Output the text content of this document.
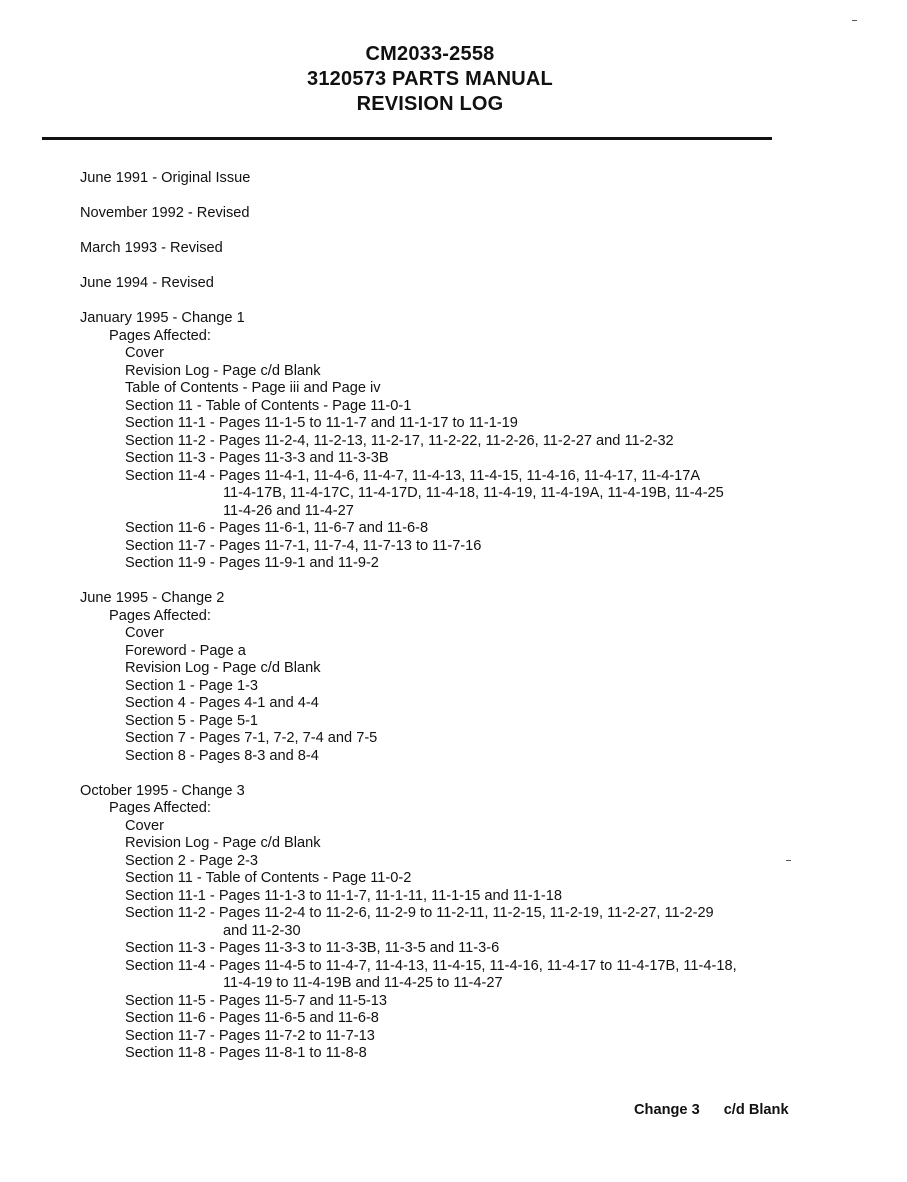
CM2033-2558
3120573 PARTS MANUAL
REVISION LOG
June 1991 - Original Issue
November 1992 - Revised
March 1993 - Revised
June 1994 - Revised
January 1995 - Change 1
Pages Affected:
Cover
Revision Log - Page c/d Blank
Table of Contents - Page iii and Page iv
Section 11 - Table of Contents - Page 11-0-1
Section 11-1 - Pages 11-1-5 to 11-1-7 and 11-1-17 to 11-1-19
Section 11-2 - Pages 11-2-4, 11-2-13, 11-2-17, 11-2-22, 11-2-26, 11-2-27 and 11-2-32
Section 11-3 - Pages 11-3-3 and 11-3-3B
Section 11-4 - Pages 11-4-1, 11-4-6, 11-4-7, 11-4-13, 11-4-15, 11-4-16, 11-4-17, 11-4-17A
11-4-17B, 11-4-17C, 11-4-17D, 11-4-18, 11-4-19, 11-4-19A, 11-4-19B, 11-4-25
11-4-26 and 11-4-27
Section 11-6 - Pages 11-6-1, 11-6-7 and 11-6-8
Section 11-7 - Pages 11-7-1, 11-7-4, 11-7-13 to 11-7-16
Section 11-9 - Pages 11-9-1 and 11-9-2
June 1995 - Change 2
Pages Affected:
Cover
Foreword - Page a
Revision Log - Page c/d Blank
Section 1 - Page 1-3
Section 4 - Pages 4-1 and 4-4
Section 5 - Page 5-1
Section 7 - Pages 7-1, 7-2, 7-4 and 7-5
Section 8 - Pages 8-3 and 8-4
October 1995 - Change 3
Pages Affected:
Cover
Revision Log - Page c/d Blank
Section 2 - Page 2-3
Section 11 - Table of Contents - Page 11-0-2
Section 11-1 - Pages 11-1-3 to 11-1-7, 11-1-11, 11-1-15 and 11-1-18
Section 11-2 - Pages 11-2-4 to 11-2-6, 11-2-9 to 11-2-11, 11-2-15, 11-2-19, 11-2-27, 11-2-29
and 11-2-30
Section 11-3 - Pages 11-3-3 to 11-3-3B, 11-3-5 and 11-3-6
Section 11-4 - Pages 11-4-5 to 11-4-7, 11-4-13, 11-4-15, 11-4-16, 11-4-17 to 11-4-17B, 11-4-18,
11-4-19 to 11-4-19B and 11-4-25 to 11-4-27
Section 11-5 - Pages 11-5-7 and 11-5-13
Section 11-6 - Pages 11-6-5 and 11-6-8
Section 11-7 - Pages 11-7-2 to 11-7-13
Section 11-8 - Pages 11-8-1 to 11-8-8
Change 3 c/d Blank
